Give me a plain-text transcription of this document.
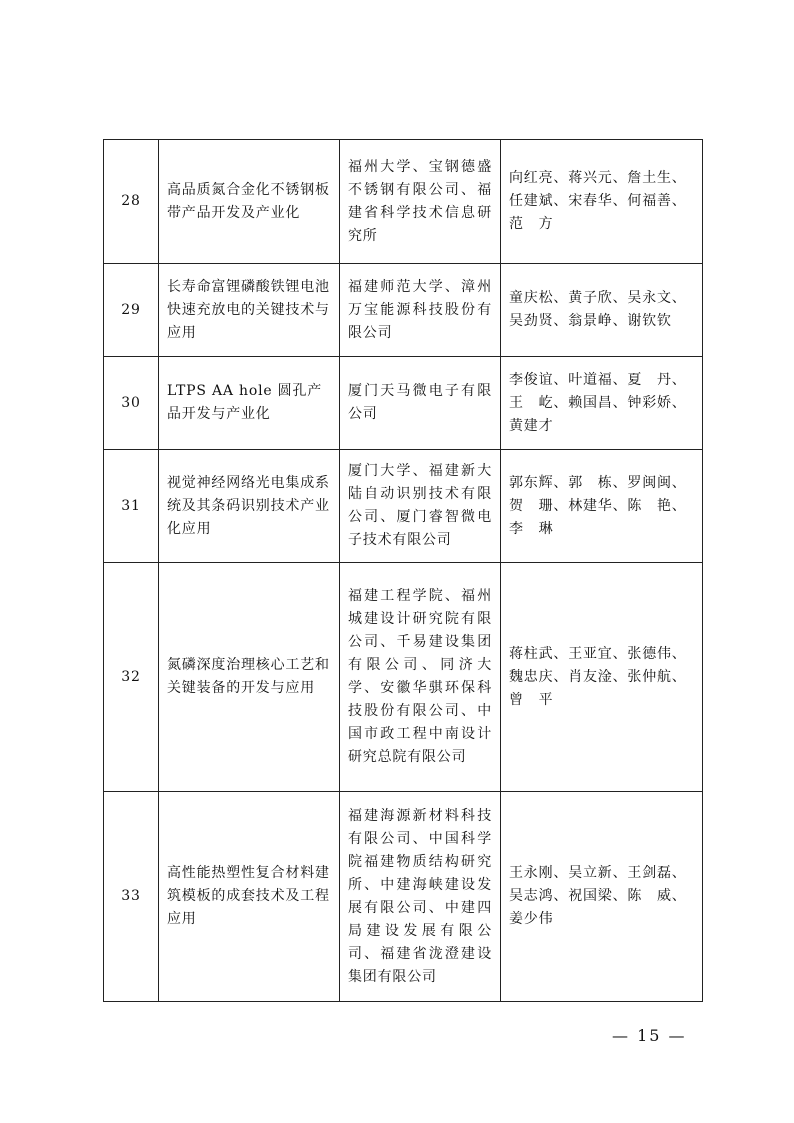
28	高品质氮合金化不锈钢板带产品开发及产业化	福州大学、宝钢德盛不锈钢有限公司、福建省科学技术信息研究所	向红亮、蒋兴元、詹土生、任建斌、宋春华、何福善、范　方
29	长寿命富锂磷酸铁锂电池快速充放电的关键技术与应用	福建师范大学、漳州万宝能源科技股份有限公司	童庆松、黄子欣、吴永文、吴劲贤、翁景峥、谢钦钦
30	LTPS AA hole 圆孔产品开发与产业化	厦门天马微电子有限公司	李俊谊、叶道福、夏　丹、王　屹、赖国昌、钟彩娇、黄建才
31	视觉神经网络光电集成系统及其条码识别技术产业化应用	厦门大学、福建新大陆自动识别技术有限公司、厦门睿智微电子技术有限公司	郭东辉、郭　栋、罗闽闽、贺　珊、林建华、陈　艳、李　琳
32	氮磷深度治理核心工艺和关键装备的开发与应用	福建工程学院、福州城建设计研究院有限公司、千易建设集团有限公司、同济大学、安徽华骐环保科技股份有限公司、中国市政工程中南设计研究总院有限公司	蒋柱武、王亚宜、张德伟、魏忠庆、肖友淦、张仲航、曾　平
33	高性能热塑性复合材料建筑模板的成套技术及工程应用	福建海源新材料科技有限公司、中国科学院福建物质结构研究所、中建海峡建设发展有限公司、中建四局建设发展有限公司、福建省泷澄建设集团有限公司	王永刚、吴立新、王剑磊、吴志鸿、祝国梁、陈　威、姜少伟
— 15 —
